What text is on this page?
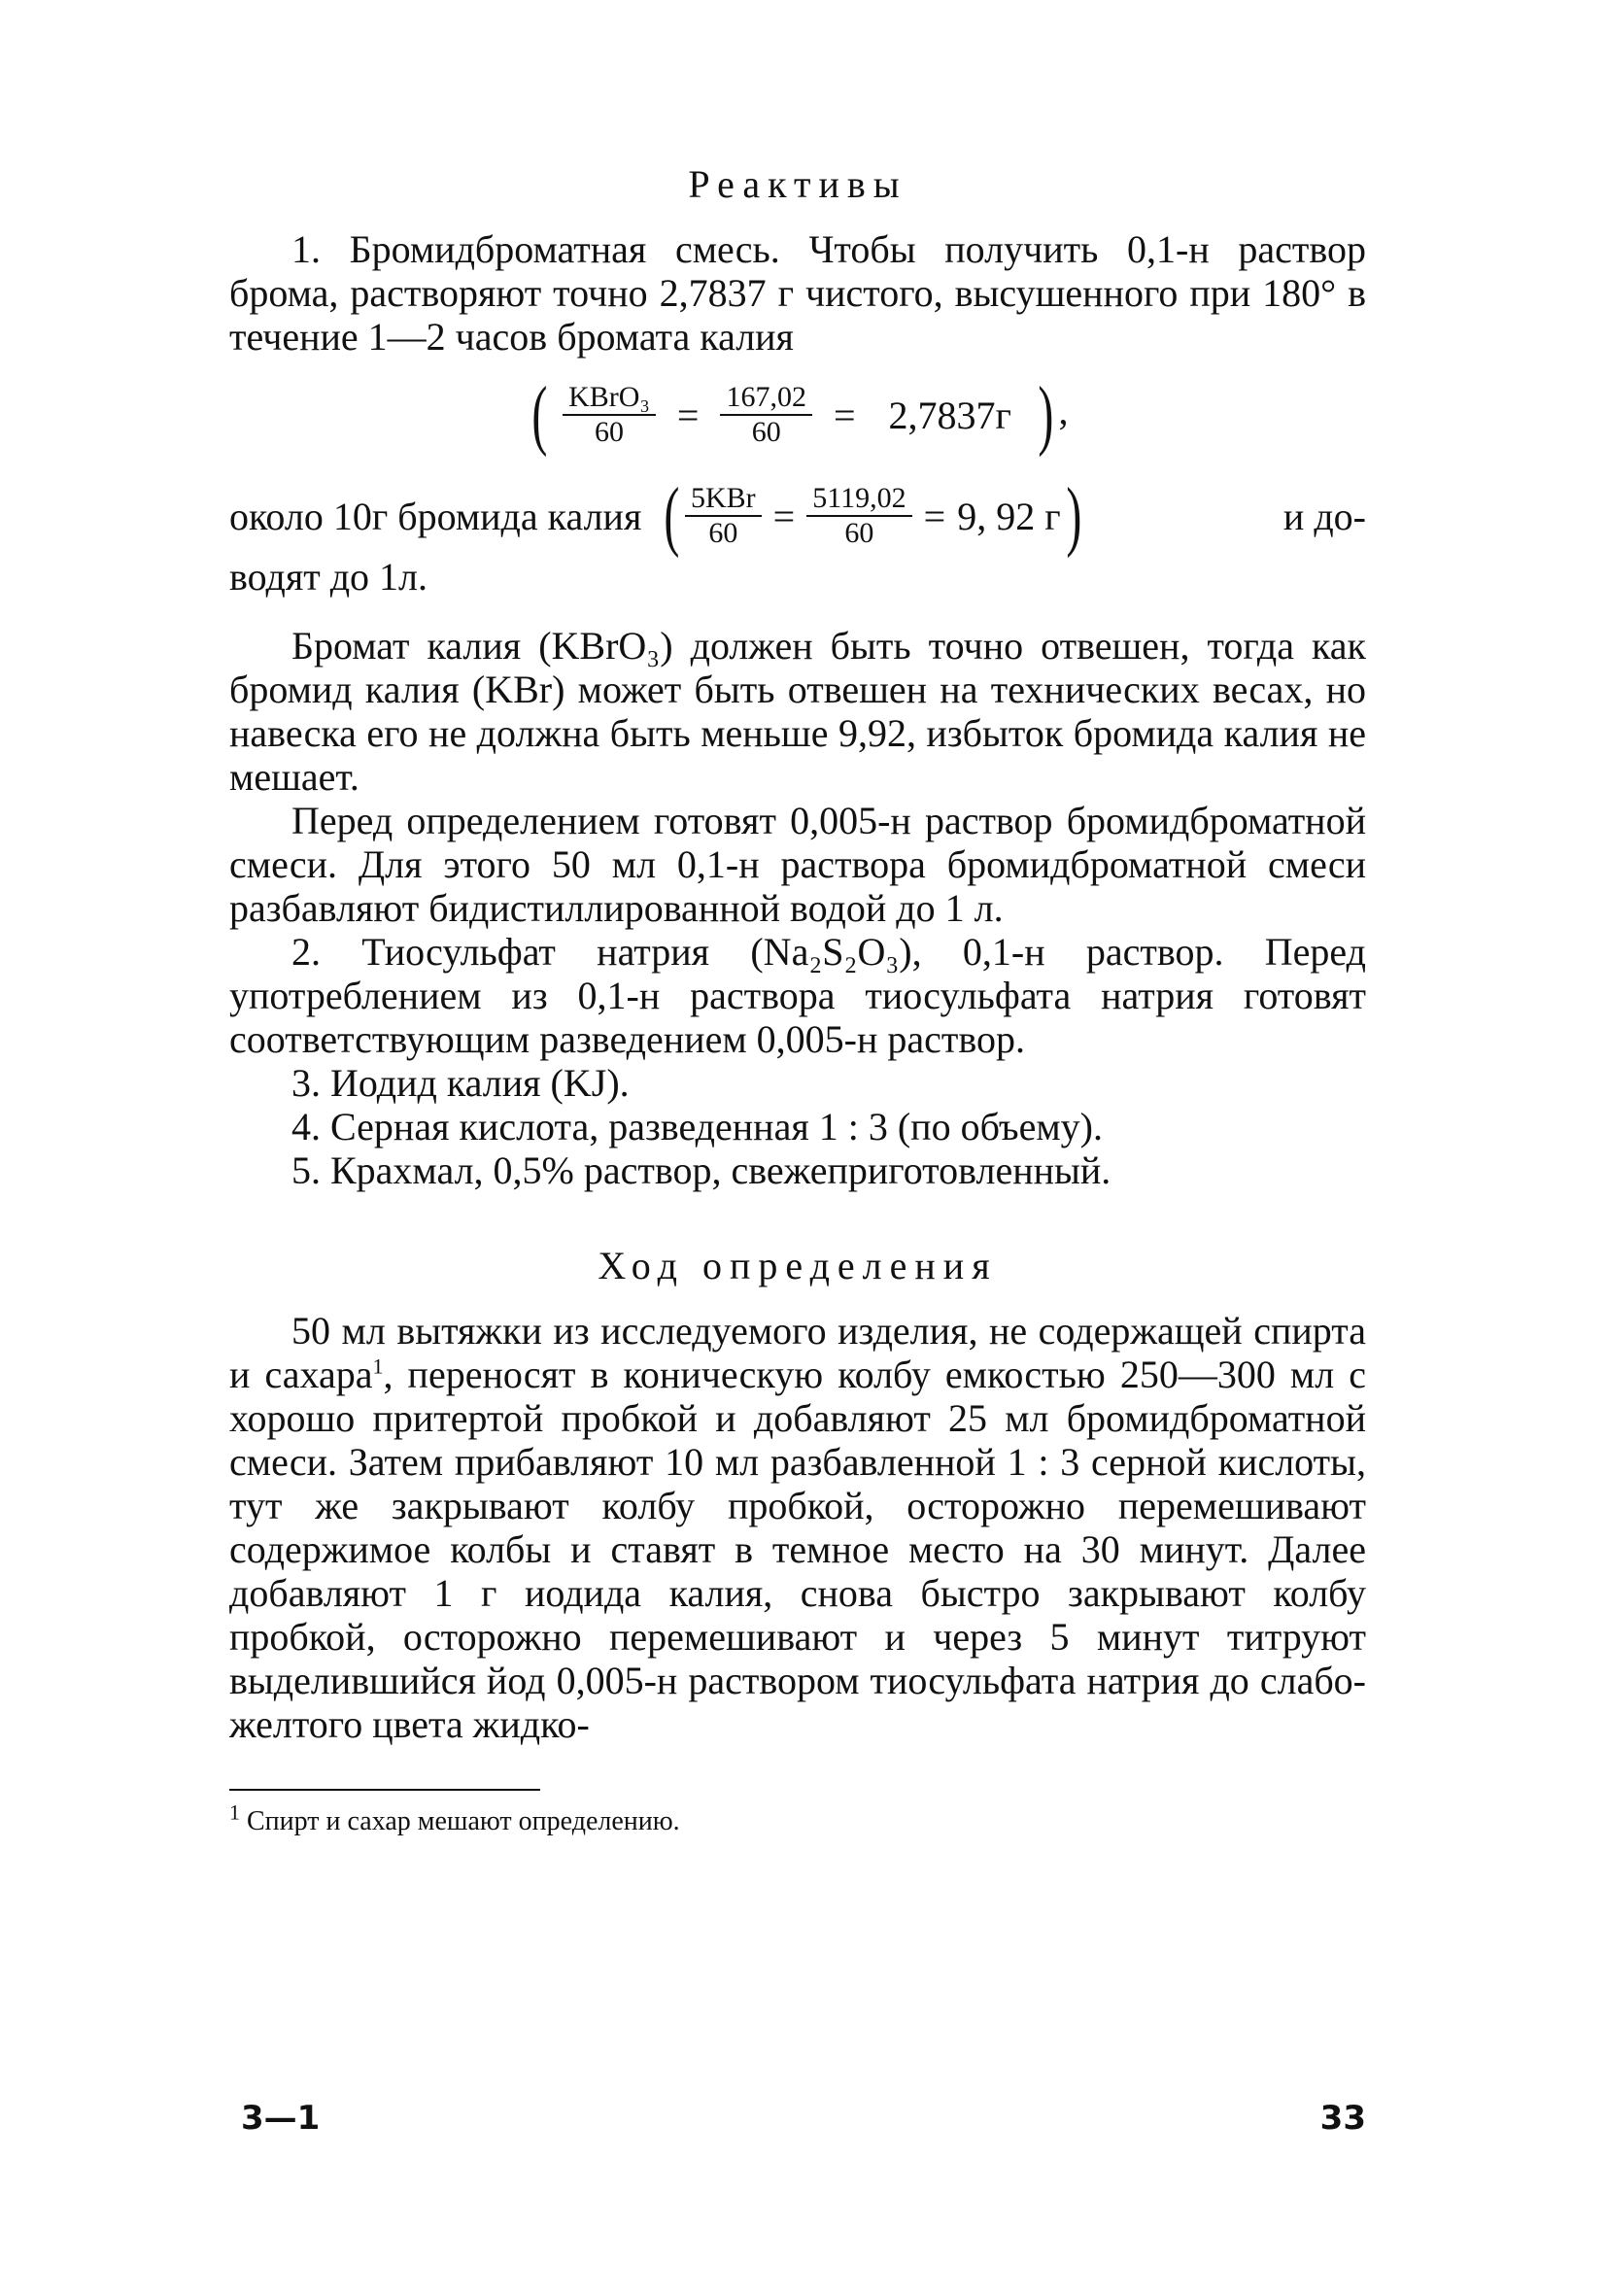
Реактивы

1. Бромидброматная смесь. Чтобы получить 0,1-н раствор брома, растворяют точно 2,7837 г чистого, высушенного при 180° в течение 1—2 часов бромата калия

( $\frac{\text{KBrO₃}}{60} = \frac{167,02}{60} = 2,7837г$ ) ,
около 10г бромида калия ( $\frac{\text{5KBr}}{60} = \frac{5119,02}{60} = 9$, 92 г )	и до-

водят до 1л.

Бромат калия (KBrO₃) должен быть точно отвешен, тогда как бромид калия (KBr) может быть отвешен на технических весах, но навеска его не должна быть меньше 9,92, избыток бромида калия не мешает.

Перед определением готовят 0,005-н раствор бромидброматной смеси. Для этого 50 мл 0,1-н раствора бромидброматной смеси разбавляют бидистиллированной водой до 1 л.

2. Тиосульфат натрия (Na₂S₂O₃), 0,1-н раствор. Перед употреблением из 0,1-н раствора тиосульфата натрия готовят соответствующим разведением 0,005-н раствор.

3. Иодид калия (KJ).

4. Серная кислота, разведенная 1 : 3 (по объему).

5. Крахмал, 0,5% раствор, свежеприготовленный.

Ход определения

50 мл вытяжки из исследуемого изделия, не содержащей спирта и сахара$^1$, переносят в коническую колбу емкостью 250—300 мл с хорошо притертой пробкой и добавляют 25 мл бромидброматной смеси. Затем прибавляют 10 мл разбавленной 1 : 3 серной кислоты, тут же закрывают колбу пробкой, осторожно перемешивают содержимое колбы и ставят в темное место на 30 минут. Далее добавляют 1 г иодида калия, снова быстро закрывают колбу пробкой, осторожно перемешивают и через 5 минут титруют выделившийся йод 0,005-н раствором тиосульфата натрия до слабо-желтого цвета жидко-

$^1$ Спирт и сахар мешают определению.
3—1	33
